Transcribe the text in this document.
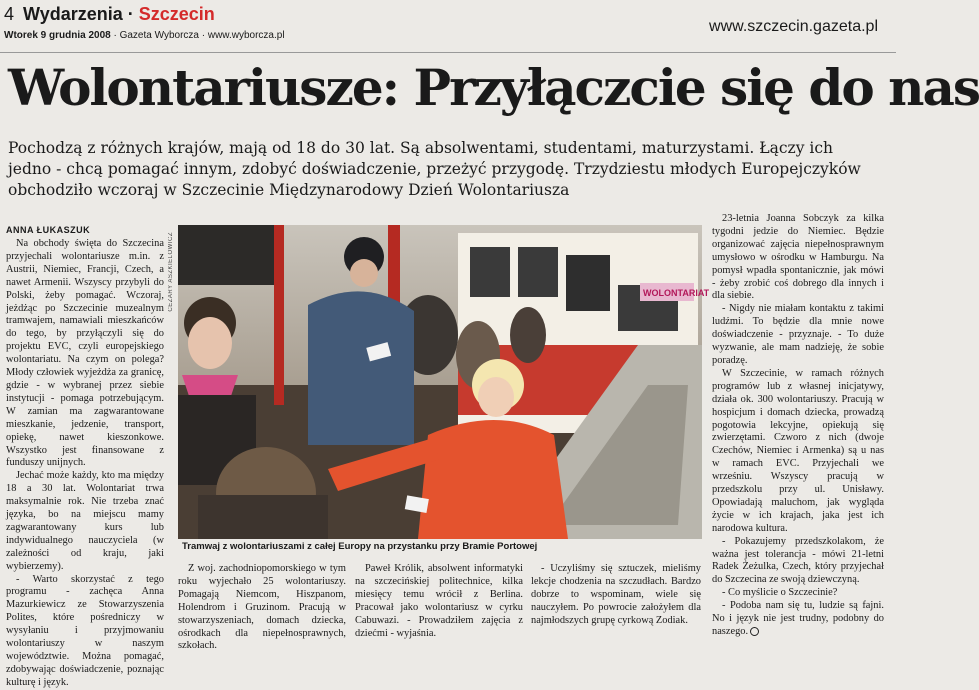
4 Wydarzenia · Szczecin
Wtorek 9 grudnia 2008 · Gazeta Wyborcza · www.wyborcza.pl
www.szczecin.gazeta.pl
Wolontariusze: Przyłączcie się do nas
Pochodzą z różnych krajów, mają od 18 do 30 lat. Są absolwentami, studentami, maturzystami. Łączy ich jedno - chcą pomagać innym, zdobyć doświadczenie, przeżyć przygodę. Trzydziestu młodych Europejczyków obchodziło wczoraj w Szczecinie Międzynarodowy Dzień Wolontariusza
ANNA ŁUKASZUK

Na obchody święta do Szczecina przyjechali wolontariusze m.in. z Austrii, Niemiec, Francji, Czech, a nawet Armenii. Wszyscy przybyli do Polski, żeby pomagać. Wczoraj, jeżdżąc po Szczecinie muzealnym tramwajem, namawiali mieszkańców do tego, by przyłączyli się do projektu EVC, czyli europejskiego wolontariatu. Na czym on polega? Młody człowiek wyjeżdża za granicę, gdzie - w wybranej przez siebie instytucji - pomaga potrzebującym. W zamian ma zagwarantowane mieszkanie, jedzenie, transport, opiekę, nawet kieszonkowe. Wszystko jest finansowane z funduszy unijnych.

Jechać może każdy, kto ma między 18 a 30 lat. Wolontariat trwa maksymalnie rok. Nie trzeba znać języka, bo na miejscu mamy zagwarantowany kurs lub indywidualnego nauczyciela (w zależności od kraju, jaki wybierzemy).

- Warto skorzystać z tego programu - zachęca Anna Mazurkiewicz ze Stowarzyszenia Polites, które pośredniczy w wysyłaniu i przyjmowaniu wolontariuszy w naszym województwie. Można pomagać, zdobywając doświadczenie, poznając kulturę i język.

CEZARY ASZKIELOWICZ	WOLONTARIAT
Tramwaj z wolontariuszami z całej Europy na przystanku przy Bramie Portowej

Z woj. zachodniopomorskiego w tym roku wyjechało 25 wolontariuszy. Pomagają Niemcom, Hiszpanom, Holendrom i Gruzinom. Pracują w stowarzyszeniach, domach dziecka, ośrodkach dla niepełnosprawnych, szkołach.

Paweł Królik, absolwent informatyki na szczecińskiej politechnice, kilka miesięcy temu wrócił z Berlina. Pracował jako wolontariusz w cyrku Cabuwazi. - Prowadziłem zajęcia z dziećmi - wyjaśnia.

- Uczyliśmy się sztuczek, mieliśmy lekcje chodzenia na szczudłach. Bardzo dobrze to wspominam, wiele się nauczyłem. Po powrocie założyłem dla najmłodszych grupę cyrkową Zodiak.

23-letnia Joanna Sobczyk za kilka tygodni jedzie do Niemiec. Będzie organizować zajęcia niepełnosprawnym umysłowo w ośrodku w Hamburgu. Na pomysł wpadła spontanicznie, jak mówi - żeby zrobić coś dobrego dla innych i dla siebie.

- Nigdy nie miałam kontaktu z takimi ludźmi. To będzie dla mnie nowe doświadczenie - przyznaje. - To duże wyzwanie, ale mam nadzieję, że sobie poradzę.

W Szczecinie, w ramach różnych programów lub z własnej inicjatywy, działa ok. 300 wolontariuszy. Pracują w hospicjum i domach dziecka, prowadzą pogotowia lekcyjne, opiekują się zwierzętami. Czworo z nich (dwoje Czechów, Niemiec i Armenka) są u nas w ramach EVC. Przyjechali we wrześniu. Wszyscy pracują w przedszkolu przy ul. Unisławy. Opowiadają maluchom, jak wygląda życie w ich krajach, jaka jest ich narodowa kultura.

- Pokazujemy przedszkolakom, że ważna jest tolerancja - mówi 21-letni Radek Żeżulka, Czech, który przyjechał do Szczecina ze swoją dziewczyną.

- Co myślicie o Szczecinie?

- Podoba nam się tu, ludzie są fajni. No i język nie jest trudny, podobny do naszego.
